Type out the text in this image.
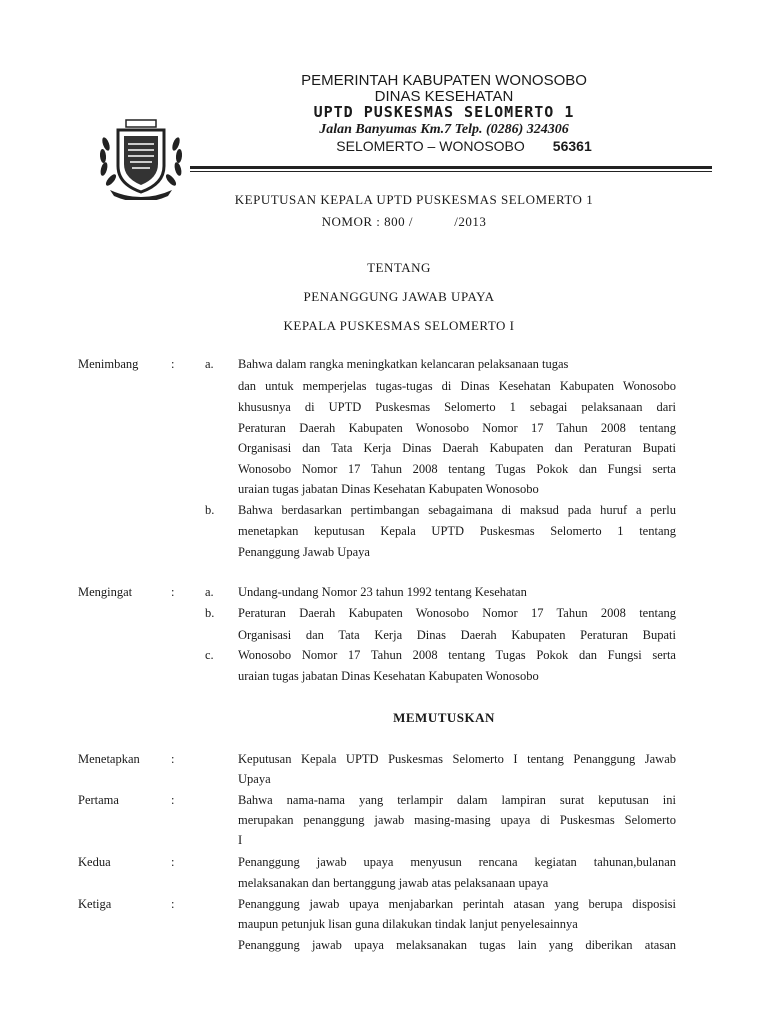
PEMERINTAH KABUPATEN WONOSOBO
DINAS KESEHATAN
UPTD PUSKESMAS SELOMERTO 1
Jalan Banyumas Km.7 Telp. (0286) 324306
SELOMERTO – WONOSOBO 56361
KEPUTUSAN KEPALA UPTD PUSKESMAS SELOMERTO 1
NOMOR : 800 /           /2013
TENTANG
PENANGGUNG JAWAB UPAYA
KEPALA PUSKESMAS SELOMERTO I
Menimbang	: a. Bahwa dalam rangka meningkatkan kelancaran pelaksanaan tugas
dan untuk memperjelas tugas-tugas di Dinas Kesehatan Kabupaten Wonosobo
khususnya di UPTD Puskesmas Selomerto 1 sebagai pelaksanaan dari
Peraturan Daerah Kabupaten Wonosobo Nomor 17 Tahun 2008 tentang
Organisasi dan Tata Kerja Dinas Daerah Kabupaten dan Peraturan Bupati
Wonosobo Nomor 17 Tahun 2008 tentang Tugas Pokok dan Fungsi serta
uraian tugas jabatan Dinas Kesehatan Kabupaten Wonosobo
b. Bahwa berdasarkan pertimbangan sebagaimana di maksud pada huruf a perlu
menetapkan keputusan Kepala UPTD Puskesmas Selomerto 1 tentang
Penanggung Jawab Upaya
Mengingat	: a. Undang-undang Nomor 23 tahun 1992 tentang Kesehatan
b. Peraturan Daerah Kabupaten Wonosobo Nomor 17 Tahun 2008 tentang
Organisasi dan Tata Kerja Dinas Daerah Kabupaten Peraturan Bupati
c. Wonosobo Nomor 17 Tahun 2008 tentang Tugas Pokok dan Fungsi serta
uraian tugas jabatan Dinas Kesehatan Kabupaten Wonosobo
MEMUTUSKAN
Menetapkan :	Keputusan Kepala UPTD Puskesmas Selomerto I tentang Penanggung Jawab
Upaya
Pertama	:	Bahwa nama-nama yang terlampir dalam lampiran surat keputusan ini
merupakan penanggung jawab masing-masing upaya di Puskesmas Selomerto
I
Kedua	:	Penanggung jawab upaya menyusun rencana kegiatan tahunan,bulanan
melaksanakan dan bertanggung jawab atas pelaksanaan upaya
Ketiga	:	Penanggung jawab upaya menjabarkan perintah atasan yang berupa disposisi
maupun petunjuk lisan guna dilakukan tindak lanjut penyelesainnya
Penanggung jawab upaya melaksanakan tugas lain yang diberikan atasan
